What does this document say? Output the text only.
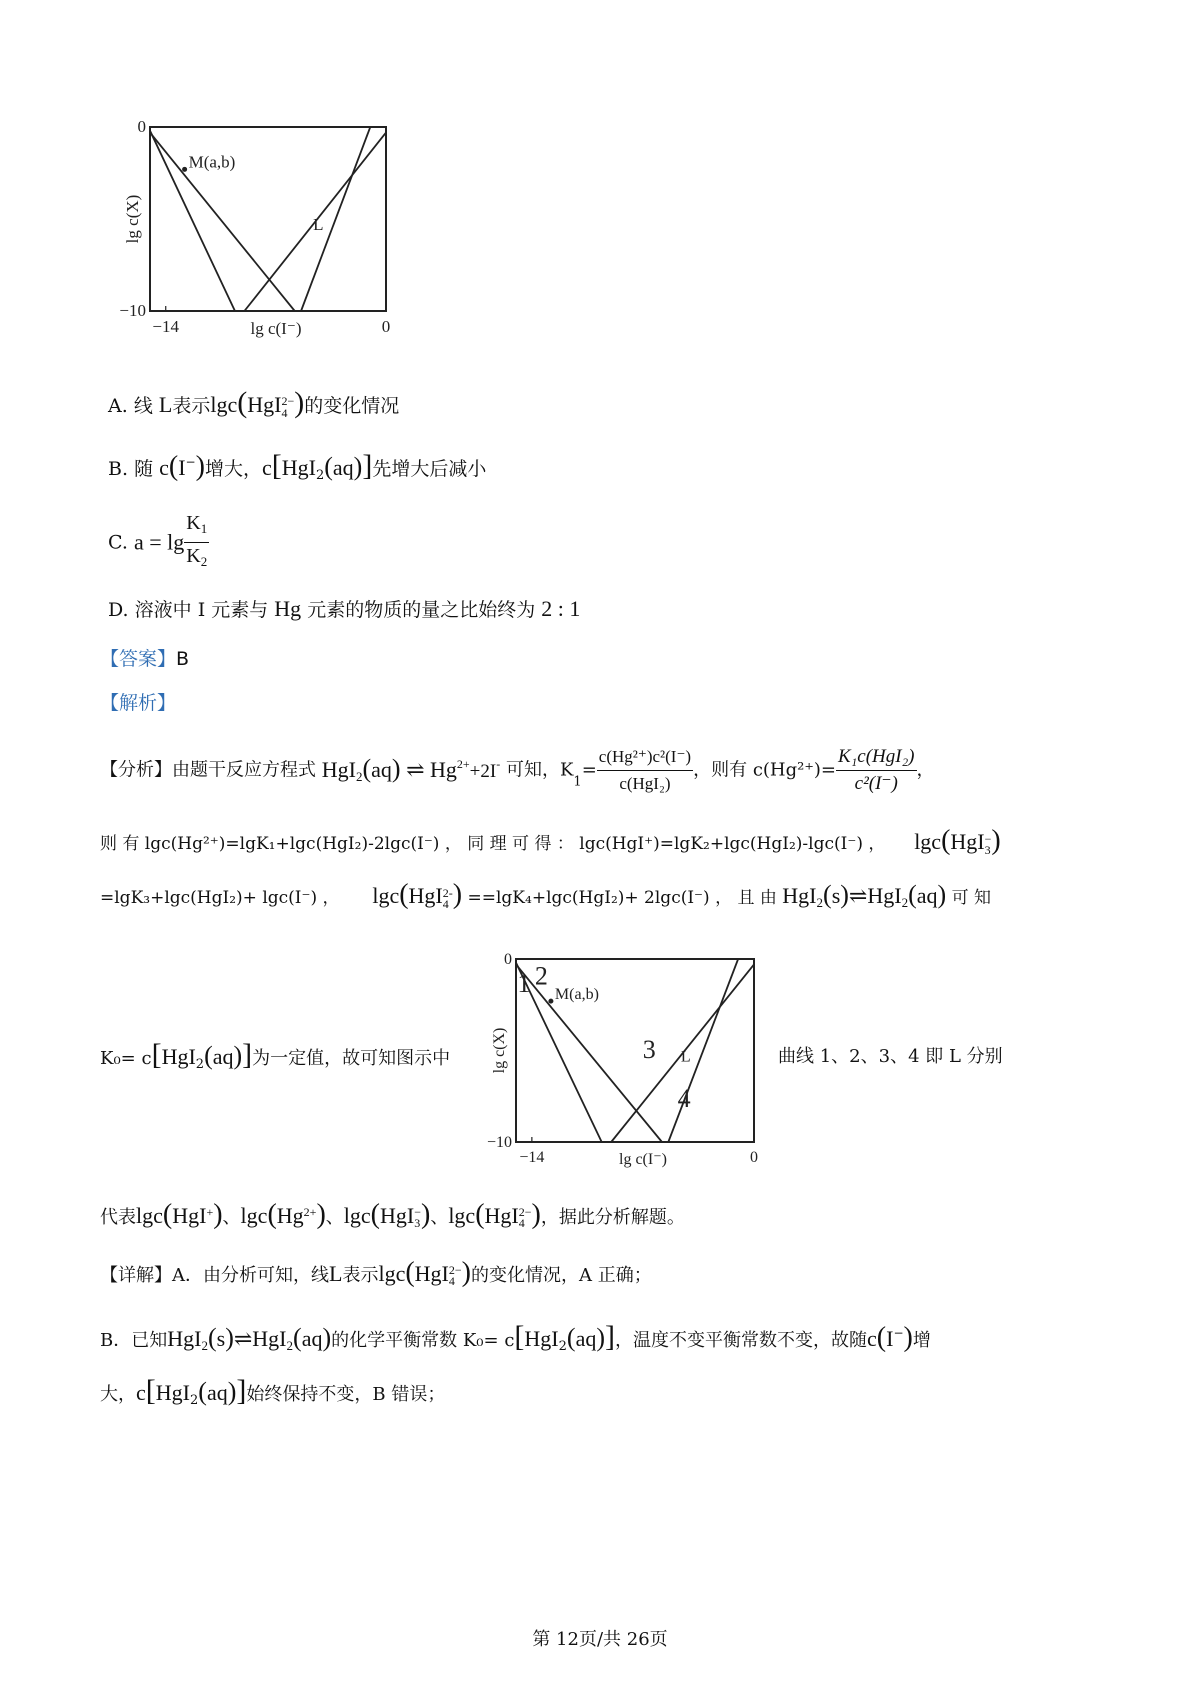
M(a,b)
0
−10
−14	0
lg c(I⁻)
lg c(X)	L
A. 线 L表示lgc(HgI 2−
4 )的变化情况
B. 随 c(I−)增大，c[HgI$_2$(aq)]先增大后减小
C. $a = \lg \frac{K_1}{K_2}$
D. 溶液中 I 元素与 Hg 元素的物质的量之比始终为 2 : 1
【答案】B
【解析】
【分析】由题干反应方程式 HgI$_2$(aq) ⇌ $Hg^{2+}+2I^-$ 可知，$K_1= \frac{\text{c(Hg²⁺)c²(I⁻)}}{\text{c(HgI₂)}}$ ，则有 $c(Hg^{2+})= \frac{\text{K₁c(HgI₂)}}{\text{c²(I⁻)}}$ ，
则 有 lgc(Hg²⁺)=lgK₁+lgc(HgI₂)-2lgc(I⁻) ， 同 理 可 得 ： lgc(HgI⁺)=lgK₂+lgc(HgI₂)-lgc(I⁻) ， lgc(HgI −
3 )
=lgK₃+lgc(HgI₂)+ lgc(I⁻) ， lgc(HgI 2-
4 ) ==lgK₄+lgc(HgI₂)+ 2lgc(I⁻) ， 且 由 HgI$_2$(s)⇌HgI$_2$(aq) 可 知
K₀= c[HgI$_2$(aq)]为一定值，故可知图示中
M(a,b)
0
−10
−14	0
lg c(I⁻)
lg c(X)	L
1 2
3
4
曲线 1、2、3、4 即 L 分别
代表lgc(HgI +
)、lgc(Hg 2+
)、lgc(HgI −
3 )、lgc(HgI 2−
4 )，据此分析解题。
【详解】A．由分析可知，线L表示lgc(HgI 2−
4 )的变化情况，A 正确；
B．已知HgI$_2$(s)⇌HgI$_2$(aq)的化学平衡常数 K₀= c[HgI$_2$(aq)]，温度不变平衡常数不变，故随c(I−)增
大，c[HgI$_2$(aq)]始终保持不变，B 错误；
第 12页/共 26页
